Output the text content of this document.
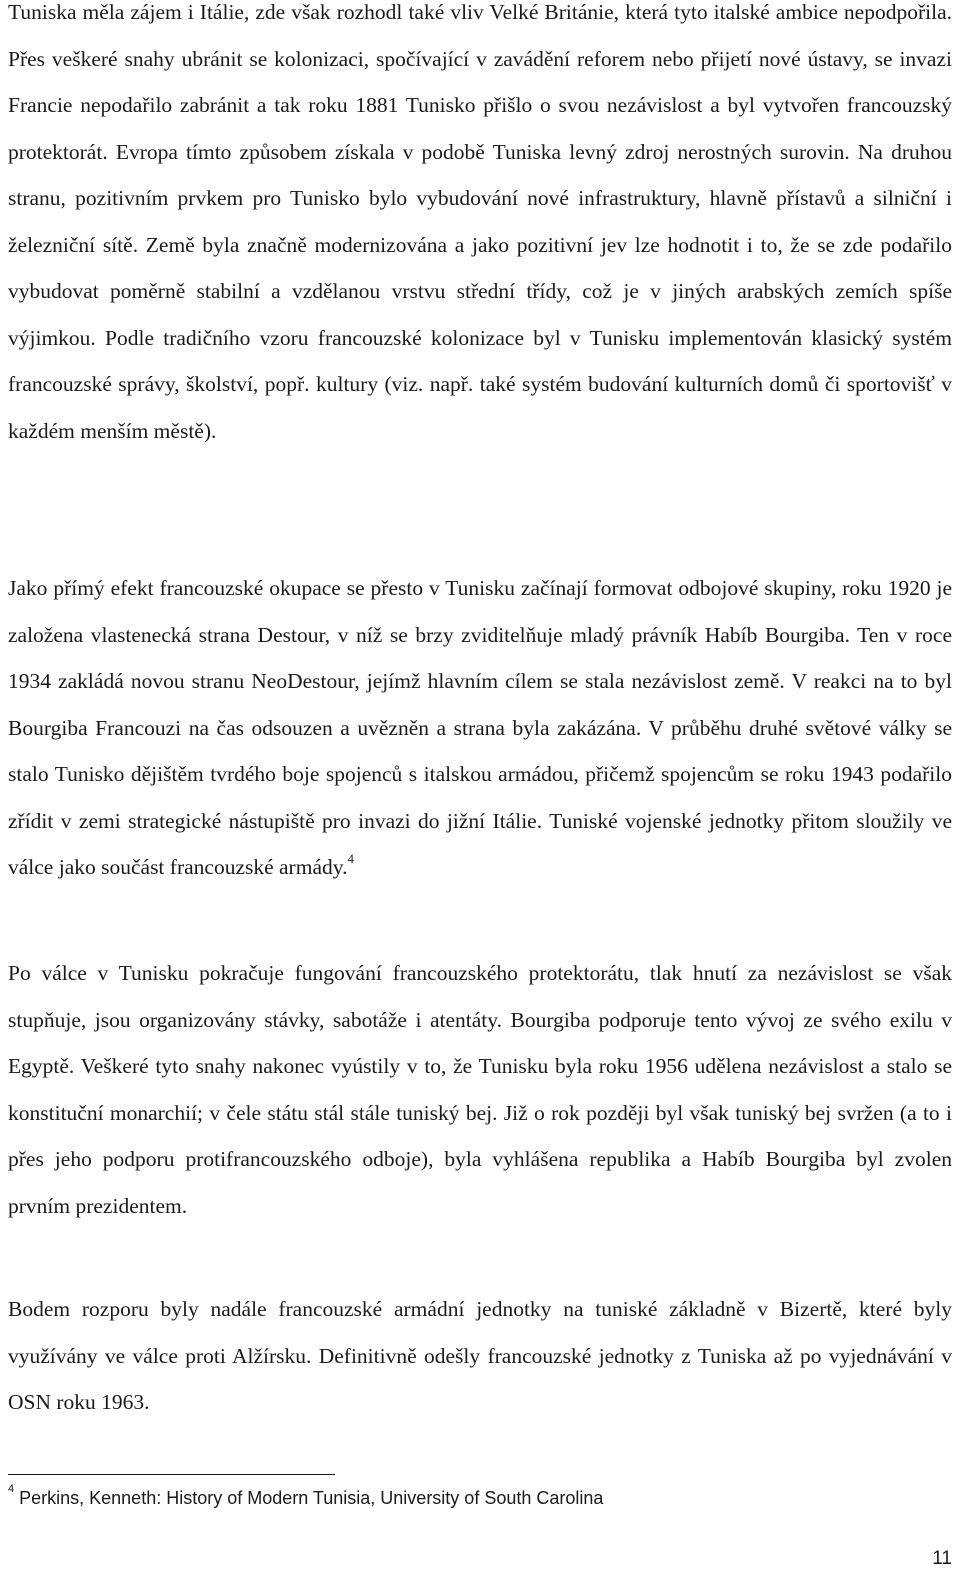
Tuniska měla zájem i Itálie, zde však rozhodl také vliv Velké Británie, která tyto italské ambice nepodpořila. Přes veškeré snahy ubránit se kolonizaci, spočívající v zavádění reforem nebo přijetí nové ústavy, se invazi Francie nepodařilo zabránit a tak roku 1881 Tunisko přišlo o svou nezávislost a byl vytvořen francouzský protektorát. Evropa tímto způsobem získala v podobě Tuniska levný zdroj nerostných surovin. Na druhou stranu, pozitivním prvkem pro Tunisko bylo vybudování nové infrastruktury, hlavně přístavů a silniční i železniční sítě. Země byla značně modernizována a jako pozitivní jev lze hodnotit i to, že se zde podařilo vybudovat poměrně stabilní a vzdělanou vrstvu střední třídy, což je v jiných arabských zemích spíše výjimkou. Podle tradičního vzoru francouzské kolonizace byl v Tunisku implementován klasický systém francouzské správy, školství, popř. kultury (viz. např. také systém budování kulturních domů či sportovišť v každém menším městě).

Jako přímý efekt francouzské okupace se přesto v Tunisku začínají formovat odbojové skupiny, roku 1920 je založena vlastenecká strana Destour, v níž se brzy zviditelňuje mladý právník Habíb Bourgiba. Ten v roce 1934 zakládá novou stranu NeoDestour, jejímž hlavním cílem se stala nezávislost země. V reakci na to byl Bourgiba Francouzi na čas odsouzen a uvězněn a strana byla zakázána. V průběhu druhé světové války se stalo Tunisko dějištěm tvrdého boje spojenců s italskou armádou, přičemž spojencům se roku 1943 podařilo zřídit v zemi strategické nástupiště pro invazi do jižní Itálie. Tuniské vojenské jednotky přitom sloužily ve válce jako součást francouzské armády.$^4$

Po válce v Tunisku pokračuje fungování francouzského protektorátu, tlak hnutí za nezávislost se však stupňuje, jsou organizovány stávky, sabotáže i atentáty. Bourgiba podporuje tento vývoj ze svého exilu v Egyptě. Veškeré tyto snahy nakonec vyústily v to, že Tunisku byla roku 1956 udělena nezávislost a stalo se konstituční monarchií; v čele státu stál stále tuniský bej. Již o rok později byl však tuniský bej svržen (a to i přes jeho podporu protifrancouzského odboje), byla vyhlášena republika a Habíb Bourgiba byl zvolen prvním prezidentem.

Bodem rozporu byly nadále francouzské armádní jednotky na tuniské základně v Bizertě, které byly využívány ve válce proti Alžírsku. Definitivně odešly francouzské jednotky z Tuniska až po vyjednávání v OSN roku 1963.

$^4$ Perkins, Kenneth: History of Modern Tunisia, University of South Carolina
11
